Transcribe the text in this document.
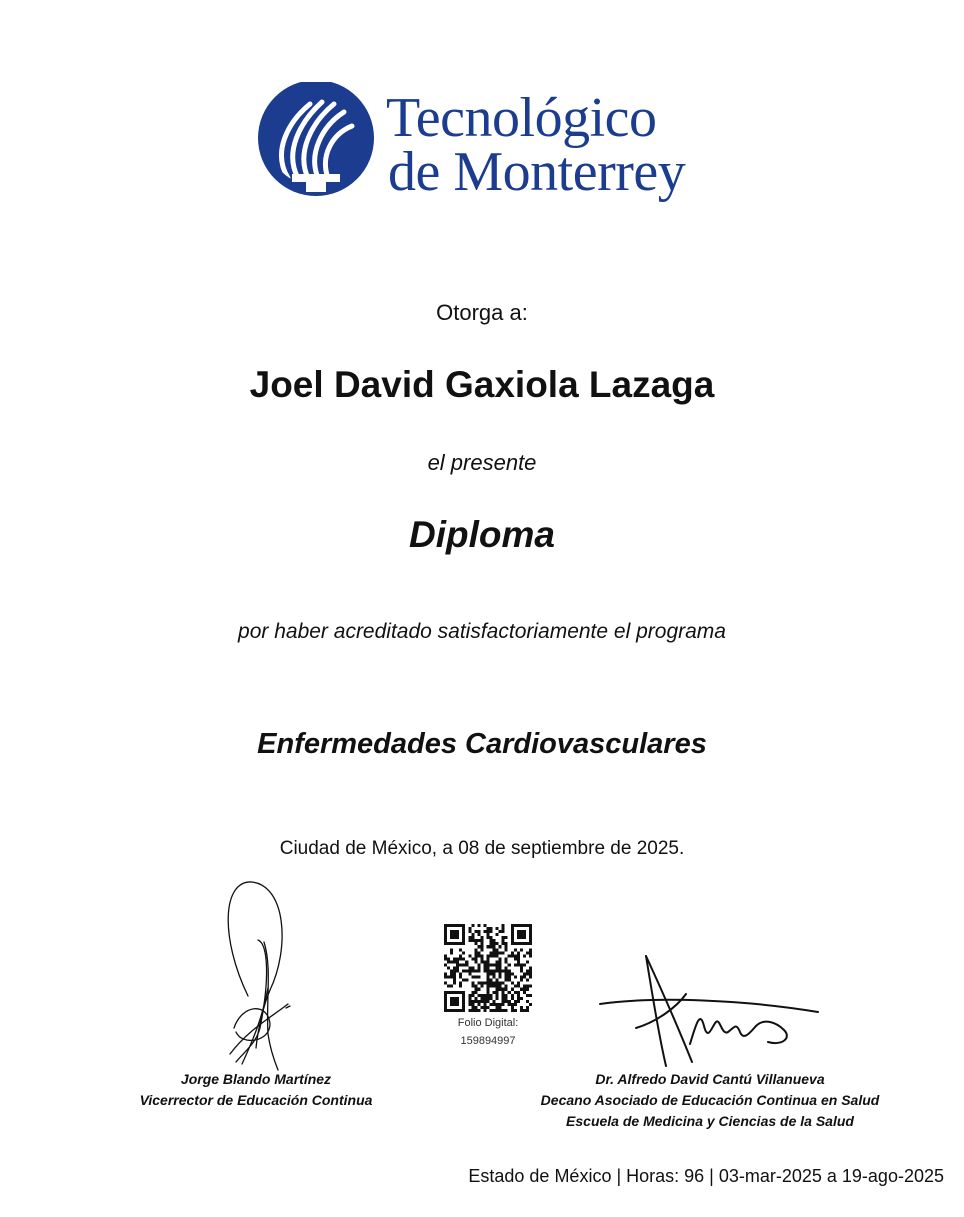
Tecnológico
de Monterrey
Otorga a:
Joel David Gaxiola Lazaga
el presente
Diploma
por haber acreditado satisfactoriamente el programa
Enfermedades Cardiovasculares
Ciudad de México, a 08 de septiembre de 2025.
Folio Digital:
159894997
Jorge Blando Martínez
Vicerrector de Educación Continua
Dr. Alfredo David Cantú Villanueva
Decano Asociado de Educación Continua en Salud
Escuela de Medicina y Ciencias de la Salud
Estado de México | Horas: 96 | 03-mar-2025 a 19-ago-2025
